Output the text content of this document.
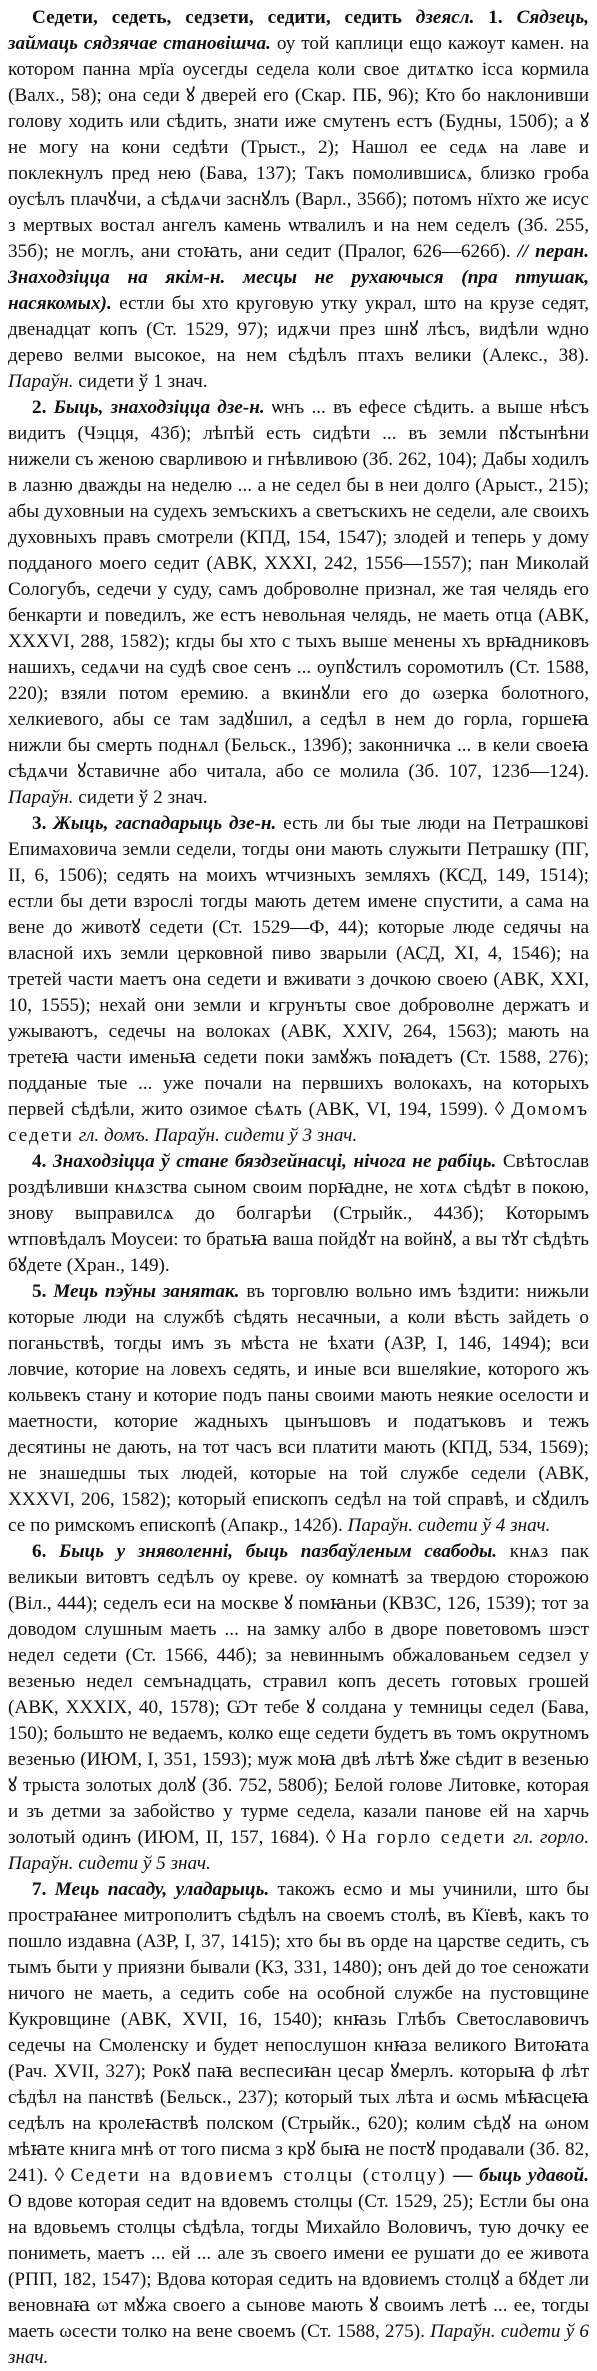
Седети, седеть, седзети, седити, седить дзеясл. 1. Сядзець, займаць сядзячае становішча. оу той каплици ещо кажоут камен. на котором панна мрїа оусегды седела коли свое дитѧтко ісса кормила (Валх., 58); она седи ꙋ дверей его (Скар. ПБ, 96); Кто бо наклонивши голову ходить или сѣдить, знати иже смутенъ естъ (Будны, 150б); а ꙋ не могу на кони седѣти (Трыст., 2); Нашол ее седѧ на лаве и поклекнулъ пред нею (Бава, 137); Такъ помолившисѧ, близко гроба оусѣлъ плачꙋчи, а сѣдѧчи заснꙋлъ (Варл., 356б); потомъ нїхто же исус з мертвых востал ангелъ камень ѡтвалилъ и на нем седелъ (Зб. 255, 35б); не моглъ, ани стоꙗть, ани седит (Пралог, 626—626б). // перан. Знаходзіцца на якім-н. месцы не рухаючыся (пра птушак, насякомых). естли бы хто круговую утку украл, што на крузе седят, двенадцат копъ (Ст. 1529, 97); идѫчи през шнꙋ лѣсъ, видѣли ѡдно дерево велми высокое, на нем сѣдѣлъ птахъ велики (Алекс., 38). Параўн. сидети ў 1 знач.

2. Быць, знаходзіцца дзе-н. ѡнъ ... въ ефесе сѣдить. а выше нѣсъ видитъ (Чэцця, 43б); лѣпѣй есть сидѣти ... въ земли пꙋстынѣни нижели съ женою сварливою и гнѣвливою (Зб. 262, 104); Дабы ходилъ в лазню дважды на неделю ... а не седел бы в неи долго (Арыст., 215); абы духовныи на судехъ земъскихъ а светъскихъ не седели, але своихъ духовныхъ правъ смотрели (КПД, 154, 1547); злодей и теперь у дому подданого моего седит (АВК, XXXI, 242, 1556—1557); пан Миколай Сологубъ, седечи у суду, самъ доброволне признал, же тая челядь его бенкарти и поведилъ, же естъ невольная челядь, не маеть отца (АВК, XXXVI, 288, 1582); кгды бы хто с тыхъ выше менены хъ врꙗдниковъ нашихъ, седѧчи на судѣ свое сенъ ... оупꙋстилъ соромотилъ (Ст. 1588, 220); взяли потом еремию. а вкинꙋли его до ωзерка болотного, хелкиевого, абы се там задꙋшил, а седѣл в нем до горла, горшеꙗ нижли бы смерть поднѧл (Бельск., 139б); законничка ... в кели своеꙗ сѣдѧчи ꙋставичне або читала, або се молила (Зб. 107, 123б—124). Параўн. сидети ў 2 знач.

3. Жыць, гаспадарыць дзе-н. есть ли бы тые люди на Петрашковi Епимаховича земли седели, тогды они мають служыти Петрашку (ПГ, II, 6, 1506); седять на моихъ ѡтчизныхъ земляхъ (КСД, 149, 1514); естли бы дети взрослi тогды мають детем имене спустити, а сама на вене до животꙋ седети (Ст. 1529—Ф, 44); которые люде седячы на власной ихъ земли церковной пиво зварыли (АСД, XI, 4, 1546); на третей части маетъ она седети и вживати з дочкою своею (АВК, XXI, 10, 1555); нехай они земли и кгрунъты свое доброволне держатъ и ужываютъ, седечы на волоках (АВК, XXIV, 264, 1563); мають на третеꙗ части именьꙗ седети поки замꙋжъ поꙗдетъ (Ст. 1588, 276); подданые тые ... уже почали на первшихъ волокахъ, на которыхъ первей сѣдѣли, жито озимое сѣѧть (АВК, VI, 194, 1599). ◊ Домомъ седети гл. домъ. Параўн. сидети ў 3 знач.

4. Знаходзіцца ў стане бяздзейнасці, нічога не рабіць. Свѣтослав роздѣливши кнѧзства сыном своим порꙗдне, не хотѧ сѣдѣт в покою, знову выправилсѧ до болгарѣи (Стрыйк., 443б); Которымъ ѡтповѣдалъ Моусеи: то братьꙗ ваша пойдꙋт на войнꙋ, а вы тꙋт сѣдѣть бꙋдете (Хран., 149).

5. Мець пэўны занятак. въ торговлю вольно имъ ѣздити: нижьли которые люди на службѣ сѣдять несачныи, а коли вѣсть зайдеть о поганьствѣ, тогды имъ зъ мѣста не ѣхати (АЗР, I, 146, 1494); вси ловчие, которие на ловехъ седять, и иные вси вшеляkие, которого жъ кольвекъ стану и которие подъ паны своими мають неякие оселости и маетности, которие жадныхъ цынъшовъ и податъковъ и тежъ десятины не дають, на тот часъ вси платити мають (КПД, 534, 1569); не знашедшы тых людей, которые на той службе седели (АВК, XXXVI, 206, 1582); который епископъ седѣл на той справѣ, и сꙋдилъ се по римскомъ епископѣ (Апакр., 142б). Параўн. сидети ў 4 знач.

6. Быць у зняволенні, быць пазбаўленым свабоды. кнѧз пак великыи витовтъ седѣлъ оу креве. оу комнатѣ за твердою сторожою (Віл., 444); седелъ еси на москве ꙋ помꙗньи (КВЗС, 126, 1539); тот за доводом слушным маеть ... на замку албо в дворе поветовомъ шэст недел седети (Ст. 1566, 44б); за невиннымъ обжалованьем седзел у везенью недел семънадцать, стравил копъ десеть готовых грошей (АВК, XXXIX, 40, 1578); Ѡт тебе ꙋ солдана у темницы седел (Бава, 150); большто не ведаемъ, колко еще седети будетъ въ томъ окрутномъ везенью (ИЮМ, I, 351, 1593); муж моꙗ двѣ лѣтѣ ꙋже сѣдит в везенью ꙋ трыста золотых долꙋ (Зб. 752, 580б); Белой голове Литовке, которая и зъ детми за забойство у турме седела, казали панове ей на харчь золотый одинъ (ИЮМ, II, 157, 1684). ◊ На горло седети гл. горло. Параўн. сидети ў 5 знач.

7. Мець пасаду, уладарыць. такожъ есмо и мы учинили, што бы простраꙗнее митрополитъ сѣдѣлъ на своемъ столѣ, въ Кїевѣ, какъ то пошло издавна (АЗР, I, 37, 1415); хто бы въ орде на царстве седить, съ тымъ быти у приязни бывали (КЗ, 331, 1480); онъ дей до тое сеножати ничого не маеть, а седить собе на особной службе на пустовщине Кукровщине (АВК, XVII, 16, 1540); кнꙗзь Глѣбъ Светославовичъ седечы на Смоленску и будет непослушон кнꙗза великого Витоꙗта (Рач. XVII, 327); Рокꙋ паꙗ веспесиꙗн цесар ꙋмерлъ. которыꙗ ф лѣт сѣдѣл на панствѣ (Бельск., 237); который тых лѣта и ωсмь мѣꙗсцеꙗ седѣлъ на кролеꙗствѣ полском (Стрыйк., 620); колим сѣдꙋ на ωном мѣꙗте книга мнѣ от того писма з крꙋ быꙗ не постꙋ продавали (Зб. 82, 241). ◊ Седети на вдовиемъ столцы (столцу) — быць удавой. О вдове которая седит на вдовемъ столцы (Ст. 1529, 25); Естли бы она на вдовьемъ столцы сѣдѣла, тогды Михайло Воловичъ, тую дочку ее пониметь, маетъ ... ей ... але зъ своего имени ее рушати до ее живота (РПП, 182, 1547); Вдова которая седить на вдовиемъ столцꙋ а бꙋдет ли веновнаꙗ ωт мꙋжа своего а сынове мають ꙋ своимъ летѣ ... ее, тогды маеть ωсести толко на вене своемъ (Ст. 1588, 275). Параўн. сидети ў 6 знач.
